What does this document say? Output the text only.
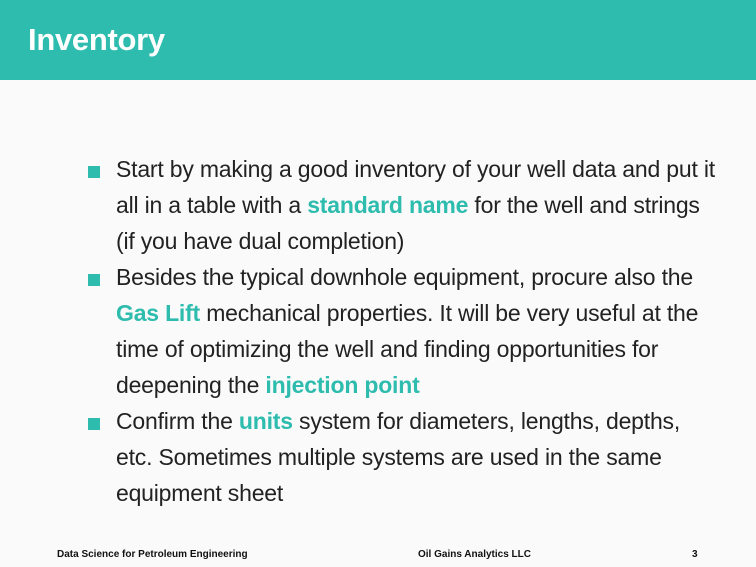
Inventory
Start by making a good inventory of your well data and put it all in a table with a standard name for the well and strings (if you have dual completion)
Besides the typical downhole equipment, procure also the Gas Lift mechanical properties. It will be very useful at the time of optimizing the well and finding opportunities for deepening the injection point
Confirm the units system for diameters, lengths, depths, etc. Sometimes multiple systems are used in the same equipment sheet
Data Science for Petroleum Engineering	Oil Gains Analytics LLC	3
